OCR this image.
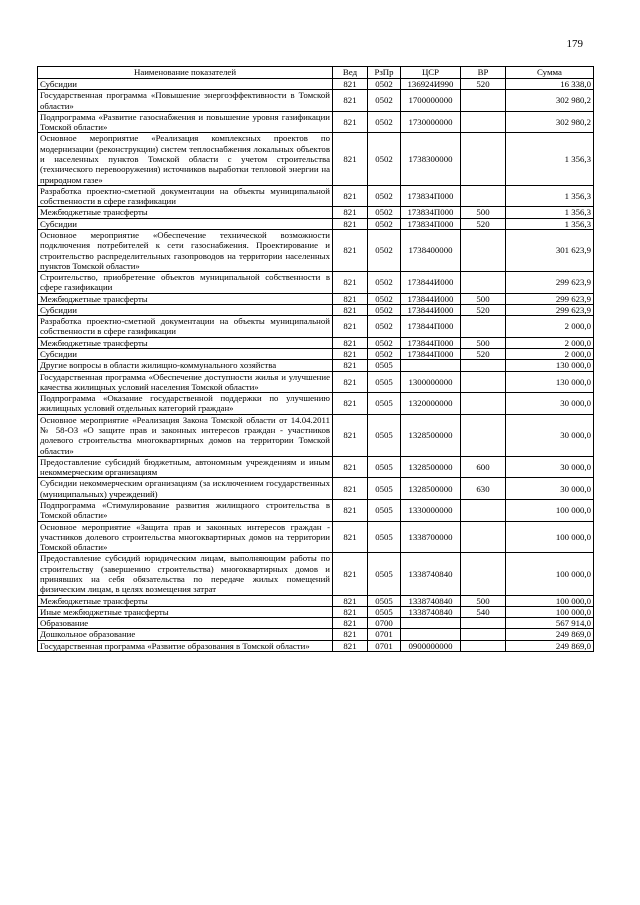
179
Наименование показателей	Вед	РзПр	ЦСР	ВР	Сумма
Субсидии	821	0502	136924И990	520	16 338,0
Государственная программа «Повышение энергоэффективности в Томской области»	821	0502	1700000000		302 980,2
Подпрограмма «Развитие газоснабжения и повышение уровня газификации Томской области»	821	0502	1730000000		302 980,2
Основное мероприятие «Реализация комплексных проектов по модернизации (реконструкции) систем теплоснабжения локальных объектов и населенных пунктов Томской области с учетом строительства (технического перевооружения) источников выработки тепловой энергии на природном газе»	821	0502	1738300000		1 356,3
Разработка проектно-сметной документации на объекты муниципальной собственности в сфере газификации	821	0502	173834П000		1 356,3
Межбюджетные трансферты	821	0502	173834П000	500	1 356,3
Субсидии	821	0502	173834П000	520	1 356,3
Основное мероприятие «Обеспечение технической возможности подключения потребителей к сети газоснабжения. Проектирование и строительство распределительных газопроводов на территории населенных пунктов Томской области»	821	0502	1738400000		301 623,9
Строительство, приобретение объектов муниципальной собственности в сфере газификации	821	0502	173844И000		299 623,9
Межбюджетные трансферты	821	0502	173844И000	500	299 623,9
Субсидии	821	0502	173844И000	520	299 623,9
Разработка проектно-сметной документации на объекты муниципальной собственности в сфере газификации	821	0502	173844П000		2 000,0
Межбюджетные трансферты	821	0502	173844П000	500	2 000,0
Субсидии	821	0502	173844П000	520	2 000,0
Другие вопросы в области жилищно-коммунального хозяйства	821	0505			130 000,0
Государственная программа «Обеспечение доступности жилья и улучшение качества жилищных условий населения Томской области»	821	0505	1300000000		130 000,0
Подпрограмма «Оказание государственной поддержки по улучшению жилищных условий отдельных категорий граждан»	821	0505	1320000000		30 000,0
Основное мероприятие «Реализация Закона Томской области от 14.04.2011 № 58-ОЗ «О защите прав и законных интересов граждан - участников долевого строительства многоквартирных домов на территории Томской области»	821	0505	1328500000		30 000,0
Предоставление субсидий бюджетным, автономным учреждениям и иным некоммерческим организациям	821	0505	1328500000	600	30 000,0
Субсидии некоммерческим организациям (за исключением государственных (муниципальных) учреждений)	821	0505	1328500000	630	30 000,0
Подпрограмма «Стимулирование развития жилищного строительства в Томской области»	821	0505	1330000000		100 000,0
Основное мероприятие «Защита прав и законных интересов граждан - участников долевого строительства многоквартирных домов на территории Томской области»	821	0505	1338700000		100 000,0
Предоставление субсидий юридическим лицам, выполняющим работы по строительству (завершению строительства) многоквартирных домов и принявших на себя обязательства по передаче жилых помещений физическим лицам, в целях возмещения затрат	821	0505	1338740840		100 000,0
Межбюджетные трансферты	821	0505	1338740840	500	100 000,0
Иные межбюджетные трансферты	821	0505	1338740840	540	100 000,0
Образование	821	0700			567 914,0
Дошкольное образование	821	0701			249 869,0
Государственная программа «Развитие образования в Томской области»	821	0701	0900000000		249 869,0
